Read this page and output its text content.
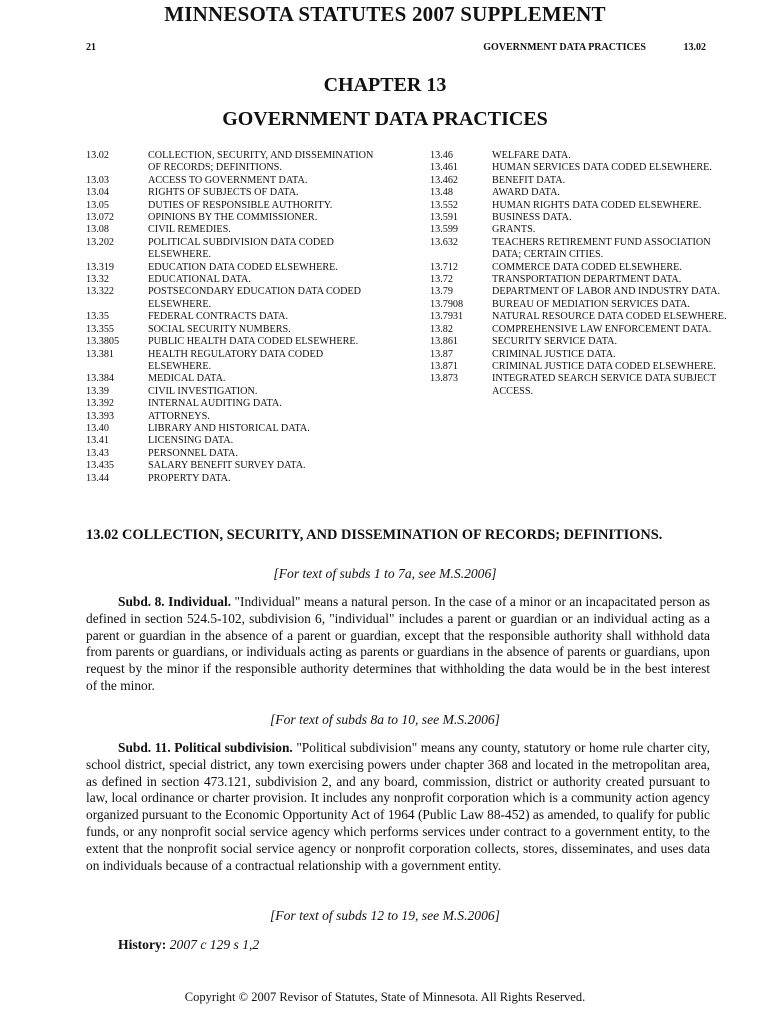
MINNESOTA STATUTES 2007 SUPPLEMENT
21	GOVERNMENT DATA PRACTICES	13.02
CHAPTER 13
GOVERNMENT DATA PRACTICES
13.02	COLLECTION, SECURITY, AND DISSEMINATION OF RECORDS; DEFINITIONS.
13.03	ACCESS TO GOVERNMENT DATA.
13.04	RIGHTS OF SUBJECTS OF DATA.
13.05	DUTIES OF RESPONSIBLE AUTHORITY.
13.072	OPINIONS BY THE COMMISSIONER.
13.08	CIVIL REMEDIES.
13.202	POLITICAL SUBDIVISION DATA CODED ELSEWHERE.
13.319	EDUCATION DATA CODED ELSEWHERE.
13.32	EDUCATIONAL DATA.
13.322	POSTSECONDARY EDUCATION DATA CODED ELSEWHERE.
13.35	FEDERAL CONTRACTS DATA.
13.355	SOCIAL SECURITY NUMBERS.
13.3805	PUBLIC HEALTH DATA CODED ELSEWHERE.
13.381	HEALTH REGULATORY DATA CODED ELSEWHERE.
13.384	MEDICAL DATA.
13.39	CIVIL INVESTIGATION.
13.392	INTERNAL AUDITING DATA.
13.393	ATTORNEYS.
13.40	LIBRARY AND HISTORICAL DATA.
13.41	LICENSING DATA.
13.43	PERSONNEL DATA.
13.435	SALARY BENEFIT SURVEY DATA.
13.44	PROPERTY DATA.
13.46	WELFARE DATA.
13.461	HUMAN SERVICES DATA CODED ELSEWHERE.
13.462	BENEFIT DATA.
13.48	AWARD DATA.
13.552	HUMAN RIGHTS DATA CODED ELSEWHERE.
13.591	BUSINESS DATA.
13.599	GRANTS.
13.632	TEACHERS RETIREMENT FUND ASSOCIATION DATA; CERTAIN CITIES.
13.712	COMMERCE DATA CODED ELSEWHERE.
13.72	TRANSPORTATION DEPARTMENT DATA.
13.79	DEPARTMENT OF LABOR AND INDUSTRY DATA.
13.7908	BUREAU OF MEDIATION SERVICES DATA.
13.7931	NATURAL RESOURCE DATA CODED ELSEWHERE.
13.82	COMPREHENSIVE LAW ENFORCEMENT DATA.
13.861	SECURITY SERVICE DATA.
13.87	CRIMINAL JUSTICE DATA.
13.871	CRIMINAL JUSTICE DATA CODED ELSEWHERE.
13.873	INTEGRATED SEARCH SERVICE DATA SUBJECT ACCESS.
13.02 COLLECTION, SECURITY, AND DISSEMINATION OF RECORDS; DEFINITIONS.
[For text of subds 1 to 7a, see M.S.2006]
Subd. 8. Individual. "Individual" means a natural person. In the case of a minor or an incapacitated person as defined in section 524.5-102, subdivision 6, "individual" includes a parent or guardian or an individual acting as a parent or guardian in the absence of a parent or guardian, except that the responsible authority shall withhold data from parents or guardians, or individuals acting as parents or guardians in the absence of parents or guardians, upon request by the minor if the responsible authority determines that withholding the data would be in the best interest of the minor.
[For text of subds 8a to 10, see M.S.2006]
Subd. 11. Political subdivision. "Political subdivision" means any county, statutory or home rule charter city, school district, special district, any town exercising powers under chapter 368 and located in the metropolitan area, as defined in section 473.121, subdivision 2, and any board, commission, district or authority created pursuant to law, local ordinance or charter provision. It includes any nonprofit corporation which is a community action agency organized pursuant to the Economic Opportunity Act of 1964 (Public Law 88-452) as amended, to qualify for public funds, or any nonprofit social service agency which performs services under contract to a government entity, to the extent that the nonprofit social service agency or nonprofit corporation collects, stores, disseminates, and uses data on individuals because of a contractual relationship with a government entity.
[For text of subds 12 to 19, see M.S.2006]
History: 2007 c 129 s 1,2
Copyright © 2007 Revisor of Statutes, State of Minnesota. All Rights Reserved.
